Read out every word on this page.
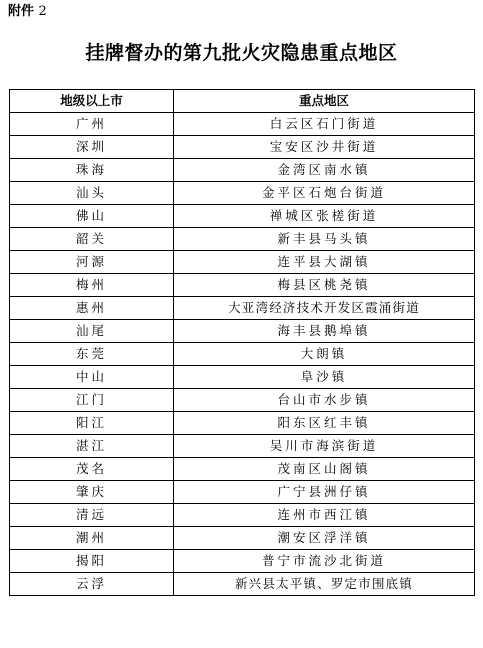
附件 2
挂牌督办的第九批火灾隐患重点地区
地级以上市	重点地区
广州	白云区石门街道
深圳	宝安区沙井街道
珠海	金湾区南水镇
汕头	金平区石炮台街道
佛山	禅城区张槎街道
韶关	新丰县马头镇
河源	连平县大湖镇
梅州	梅县区桃尧镇
惠州	大亚湾经济技术开发区霞涌街道
汕尾	海丰县鹅埠镇
东莞	大朗镇
中山	阜沙镇
江门	台山市水步镇
阳江	阳东区红丰镇
湛江	吴川市海滨街道
茂名	茂南区山阁镇
肇庆	广宁县洲仔镇
清远	连州市西江镇
潮州	潮安区浮洋镇
揭阳	普宁市流沙北街道
云浮	新兴县太平镇、罗定市围底镇
